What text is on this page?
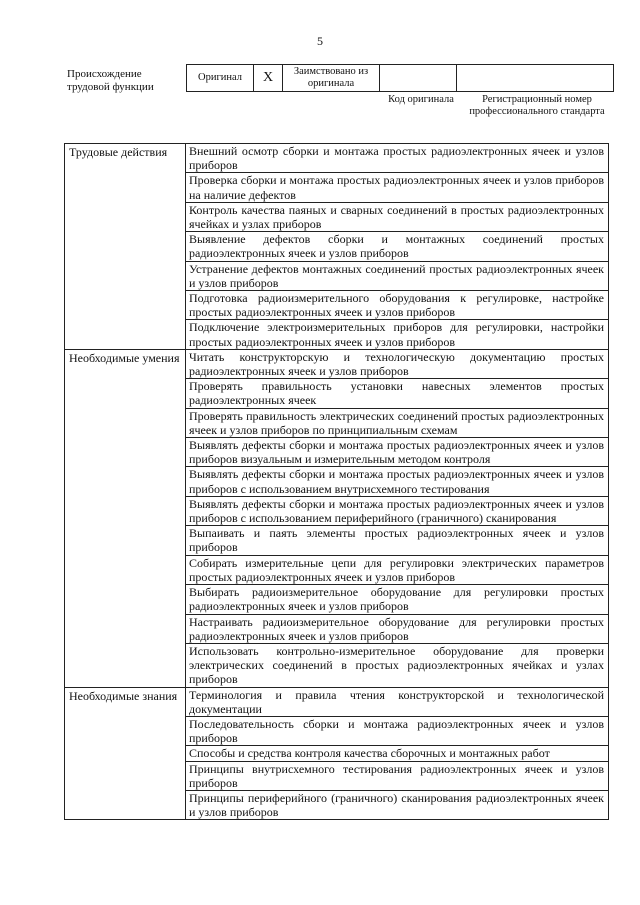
5
Происхождение трудовой функции
Оригинал	X	Заимствовано из оригинала		
Код оригинала	Регистрационный номер профессионального стандарта
Трудовые действия	Внешний осмотр сборки и монтажа простых радиоэлектронных ячеек и узлов приборов
	Проверка сборки и монтажа простых радиоэлектронных ячеек и узлов приборов на наличие дефектов
	Контроль качества паяных и сварных соединений в простых радиоэлектронных ячейках и узлах приборов
	Выявление дефектов сборки и монтажных соединений простых радиоэлектронных ячеек и узлов приборов
	Устранение дефектов монтажных соединений простых радиоэлектронных ячеек и узлов приборов
	Подготовка радиоизмерительного оборудования к регулировке, настройке простых радиоэлектронных ячеек и узлов приборов
	Подключение электроизмерительных приборов для регулировки, настройки простых радиоэлектронных ячеек и узлов приборов
Необходимые умения	Читать конструкторскую и технологическую документацию простых радиоэлектронных ячеек и узлов приборов
	Проверять правильность установки навесных элементов простых радиоэлектронных ячеек
	Проверять правильность электрических соединений простых радиоэлектронных ячеек и узлов приборов по принципиальным схемам
	Выявлять дефекты сборки и монтажа простых радиоэлектронных ячеек и узлов приборов визуальным и измерительным методом контроля
	Выявлять дефекты сборки и монтажа простых радиоэлектронных ячеек и узлов приборов с использованием внутрисхемного тестирования
	Выявлять дефекты сборки и монтажа простых радиоэлектронных ячеек и узлов приборов с использованием периферийного (граничного) сканирования
	Выпаивать и паять элементы простых радиоэлектронных ячеек и узлов приборов
	Собирать измерительные цепи для регулировки электрических параметров простых радиоэлектронных ячеек и узлов приборов
	Выбирать радиоизмерительное оборудование для регулировки простых радиоэлектронных ячеек и узлов приборов
	Настраивать радиоизмерительное оборудование для регулировки простых радиоэлектронных ячеек и узлов приборов
	Использовать контрольно-измерительное оборудование для проверки электрических соединений в простых радиоэлектронных ячейках и узлах приборов
Необходимые знания	Терминология и правила чтения конструкторской и технологической документации
	Последовательность сборки и монтажа радиоэлектронных ячеек и узлов приборов
	Способы и средства контроля качества сборочных и монтажных работ
	Принципы внутрисхемного тестирования радиоэлектронных ячеек и узлов приборов
	Принципы периферийного (граничного) сканирования радиоэлектронных ячеек и узлов приборов
